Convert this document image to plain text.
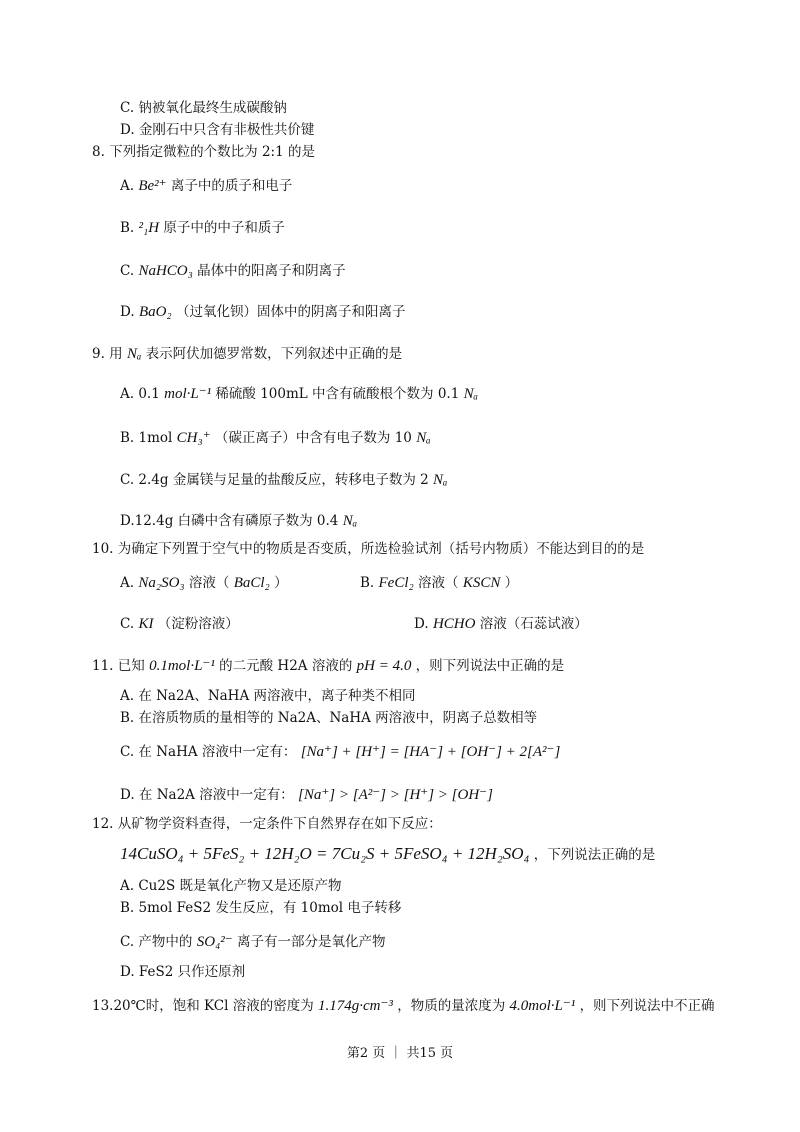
C. 钠被氧化最终生成碳酸钠
D. 金刚石中只含有非极性共价键
8. 下列指定微粒的个数比为 2:1 的是
A. Be²⁺ 离子中的质子和电子
B. ²₁H 原子中的中子和质子
C. NaHCO₃ 晶体中的阳离子和阴离子
D. BaO₂ （过氧化钡）固体中的阴离子和阳离子
9. 用 Nₐ 表示阿伏加德罗常数，下列叙述中正确的是
A. 0.1 mol·L⁻¹ 稀硫酸 100mL 中含有硫酸根个数为 0.1 Nₐ
B. 1mol CH₃⁺ （碳正离子）中含有电子数为 10 Nₐ
C. 2.4g 金属镁与足量的盐酸反应，转移电子数为 2 Nₐ
D.12.4g 白磷中含有磷原子数为 0.4 Nₐ
10. 为确定下列置于空气中的物质是否变质，所选检验试剂（括号内物质）不能达到目的的是
A. Na₂SO₃ 溶液（ BaCl₂ ）	B. FeCl₂ 溶液（ KSCN ）
C. KI （淀粉溶液）	D. HCHO 溶液（石蕊试液）
11. 已知 0.1mol·L⁻¹ 的二元酸 H2A 溶液的 pH = 4.0 ，则下列说法中正确的是
A. 在 Na2A、NaHA 两溶液中，离子种类不相同
B. 在溶质物质的量相等的 Na2A、NaHA 两溶液中，阴离子总数相等
C. 在 NaHA 溶液中一定有： [Na⁺] + [H⁺] = [HA⁻] + [OH⁻] + 2[A²⁻]
D. 在 Na2A 溶液中一定有： [Na⁺] > [A²⁻] > [H⁺] > [OH⁻]
12. 从矿物学资料查得，一定条件下自然界存在如下反应：
14CuSO₄ + 5FeS₂ + 12H₂O = 7Cu₂S + 5FeSO₄ + 12H₂SO₄ ，下列说法正确的是
A. Cu2S 既是氧化产物又是还原产物
B. 5mol FeS2 发生反应，有 10mol 电子转移
C. 产物中的 SO₄²⁻ 离子有一部分是氧化产物
D. FeS2 只作还原剂
13.20℃时，饱和 KCl 溶液的密度为 1.174g·cm⁻³ ，物质的量浓度为 4.0mol·L⁻¹ ，则下列说法中不正确
第2 页 ｜ 共15 页
